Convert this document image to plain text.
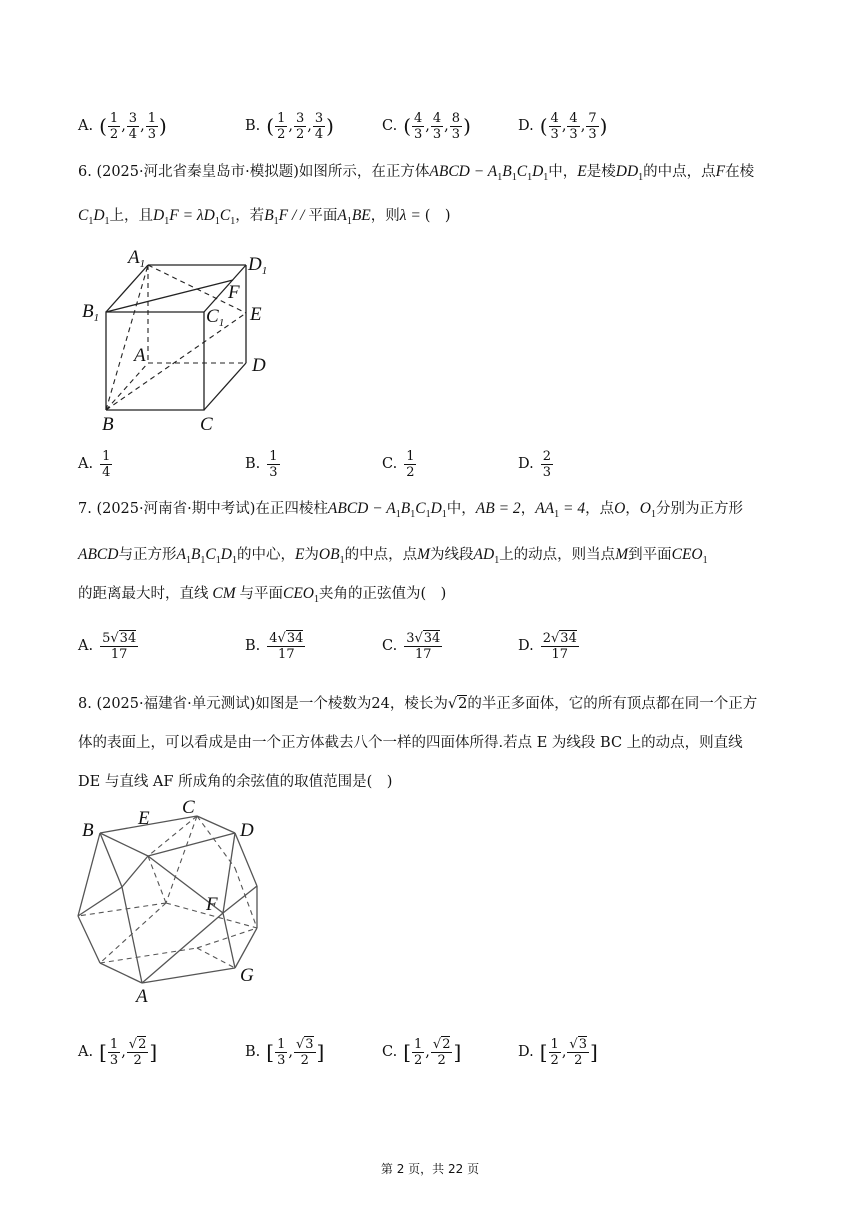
A. ( $\frac{1}{2}$ , $\frac{3}{4}$ , $\frac{1}{3}$ )	B. ( $\frac{1}{2}$ , $\frac{3}{2}$ , $\frac{3}{4}$ )	C. ( $\frac{4}{3}$ , $\frac{4}{3}$ , $\frac{8}{3}$ )	D. ( $\frac{4}{3}$ , $\frac{4}{3}$ , $\frac{7}{3}$ )
6. (2025·河北省秦皇岛市·模拟题)如图所示，在正方体ABCD − $A_1B_1C_1D_1$中，E是棱$DD_1$的中点，点F在棱
$C_1D_1$上，且$D_1F = \lambda D_1C_1$，若$B_1F$ / / 平面$A_1BE$，则λ = (　)
$A_1$	$D_1$
$B_1$	$C_1$
F
E
A	D
B	C
A. $\frac{1}{4}$	B. $\frac{1}{3}$	C. $\frac{1}{2}$	D. $\frac{2}{3}$
7. (2025·河南省·期中考试)在正四棱柱ABCD − $A_1B_1C_1D_1$中，AB = 2，$AA_1 = 4$，点O，$O_1$分别为正方形
ABCD与正方形$A_1B_1C_1D_1$的中心，E为$OB_1$的中点，点M为线段$AD_1$上的动点，则当点M到平面$CEO_1$
的距离最大时，直线 CM 与平面$CEO_1$夹角的正弦值为(　)
A. $\frac{5√34}{17}$	B. $\frac{4√34}{17}$	C. $\frac{3√34}{17}$	D. $\frac{2√34}{17}$
8. (2025·福建省·单元测试)如图是一个棱数为24，棱长为√2的半正多面体，它的所有顶点都在同一个正方
体的表面上，可以看成是由一个正方体截去八个一样的四面体所得.若点 E 为线段 BC 上的动点，则直线
DE 与直线 AF 所成角的余弦值的取值范围是(　)
B
E
C
D
F
A
G
A. [ $\frac{1}{3}$ , $\frac{√2}{2}$ ]	B. [ $\frac{1}{3}$ , $\frac{√3}{2}$ ]	C. [ $\frac{1}{2}$ , $\frac{√2}{2}$ ]	D. [ $\frac{1}{2}$ , $\frac{√3}{2}$ ]
第 2 页，共 22 页
